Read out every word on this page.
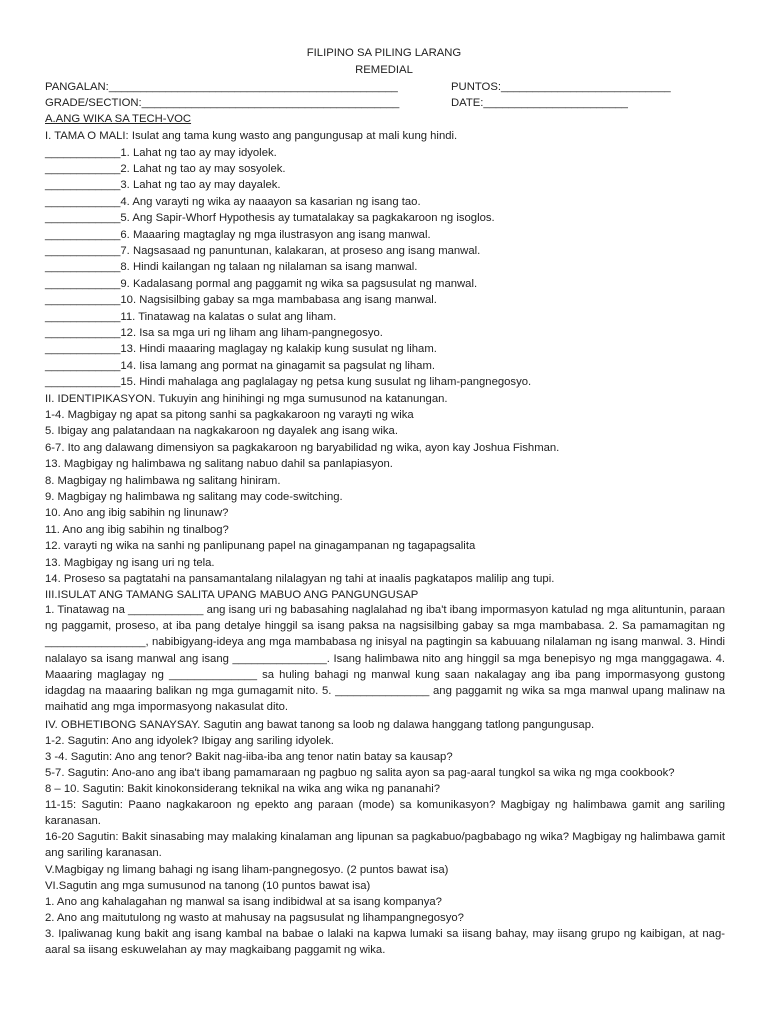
FILIPINO SA PILING LARANG
REMEDIAL
PANGALAN:______________________________________________	PUNTOS:___________________________
GRADE/SECTION:_________________________________________	DATE:_______________________
A.ANG WIKA SA TECH-VOC
I. TAMA O MALI: Isulat ang tama kung wasto ang pangungusap at mali kung hindi.
____________1. Lahat ng tao ay may idyolek.
____________2. Lahat ng tao ay may sosyolek.
____________3. Lahat ng tao ay may dayalek.
____________4. Ang varayti ng wika ay naaayon sa kasarian ng isang tao.
____________5. Ang Sapir-Whorf Hypothesis ay tumatalakay sa pagkakaroon ng isoglos.
____________6. Maaaring magtaglay ng mga ilustrasyon ang isang manwal.
____________7. Nagsasaad ng panuntunan, kalakaran, at proseso ang isang manwal.
____________8. Hindi kailangan ng talaan ng nilalaman sa isang manwal.
____________9. Kadalasang pormal ang paggamit ng wika sa pagsusulat ng manwal.
____________10. Nagsisilbing gabay sa mga mambabasa ang isang manwal.
____________11. Tinatawag na kalatas o sulat ang liham.
____________12. Isa sa mga uri ng liham ang liham-pangnegosyo.
____________13. Hindi maaaring maglagay ng kalakip kung susulat ng liham.
____________14. Iisa lamang ang pormat na ginagamit sa pagsulat ng liham.
____________15. Hindi mahalaga ang paglalagay ng petsa kung susulat ng liham-pangnegosyo.
II. IDENTIPIKASYON. Tukuyin ang hinihingi ng mga sumusunod na katanungan.
1-4. Magbigay ng apat sa pitong sanhi sa pagkakaroon ng varayti ng wika
5. Ibigay ang palatandaan na nagkakaroon ng dayalek ang isang wika.
6-7. Ito ang dalawang dimensiyon sa pagkakaroon ng baryabilidad ng wika, ayon kay Joshua Fishman.
13. Magbigay ng halimbawa ng salitang nabuo dahil sa panlapiasyon.
8. Magbigay ng halimbawa ng salitang hiniram.
9. Magbigay ng halimbawa ng salitang may code-switching.
10. Ano ang ibig sabihin ng linunaw?
11. Ano ang ibig sabihin ng tinalbog?
12. varayti ng wika na sanhi ng panlipunang papel na ginagampanan ng tagapagsalita
13. Magbigay ng isang uri ng tela.
14. Proseso sa pagtatahi na pansamantalang nilalagyan ng tahi at inaalis pagkatapos malilip ang tupi.
III.ISULAT ANG TAMANG SALITA UPANG MABUO ANG PANGUNGUSAP
1. Tinatawag na ____________ ang isang uri ng babasahing naglalahad ng iba't ibang impormasyon katulad ng mga alituntunin, paraan ng paggamit, proseso, at iba pang detalye hinggil sa isang paksa na nagsisilbing gabay sa mga mambabasa. 2. Sa pamamagitan ng ________________, nabibigyang-ideya ang mga mambabasa ng inisyal na pagtingin sa kabuuang nilalaman ng isang manwal. 3. Hindi nalalayo sa isang manwal ang isang _______________. Isang halimbawa nito ang hinggil sa mga benepisyo ng mga manggagawa. 4. Maaaring maglagay ng ______________ sa huling bahagi ng manwal kung saan nakalagay ang iba pang impormasyong gustong idagdag na maaaring balikan ng mga gumagamit nito. 5. _______________ ang paggamit ng wika sa mga manwal upang malinaw na maihatid ang mga impormasyong nakasulat dito.
IV. OBHETIBONG SANAYSAY. Sagutin ang bawat tanong sa loob ng dalawa hanggang tatlong pangungusap.
1-2. Sagutin: Ano ang idyolek? Ibigay ang sariling idyolek.
3 -4. Sagutin: Ano ang tenor? Bakit nag-iiba-iba ang tenor natin batay sa kausap?
5-7. Sagutin: Ano-ano ang iba't ibang pamamaraan ng pagbuo ng salita ayon sa pag-aaral tungkol sa wika ng mga cookbook?
8 – 10. Sagutin: Bakit kinokonsiderang teknikal na wika ang wika ng pananahi?
11-15: Sagutin: Paano nagkakaroon ng epekto ang paraan (mode) sa komunikasyon? Magbigay ng halimbawa gamit ang sariling karanasan.
16-20 Sagutin: Bakit sinasabing may malaking kinalaman ang lipunan sa pagkabuo/pagbabago ng wika? Magbigay ng halimbawa gamit ang sariling karanasan.
V.Magbigay ng limang bahagi ng isang liham-pangnegosyo. (2 puntos bawat isa)
VI.Sagutin ang mga sumusunod na tanong (10 puntos bawat isa)
1. Ano ang kahalagahan ng manwal sa isang indibidwal at sa isang kompanya?
2. Ano ang maitutulong ng wasto at mahusay na pagsusulat ng lihampangnegosyo?
3. Ipaliwanag kung bakit ang isang kambal na babae o lalaki na kapwa lumaki sa iisang bahay, may iisang grupo ng kaibigan, at nag-aaral sa iisang eskuwelahan ay may magkaibang paggamit ng wika.
